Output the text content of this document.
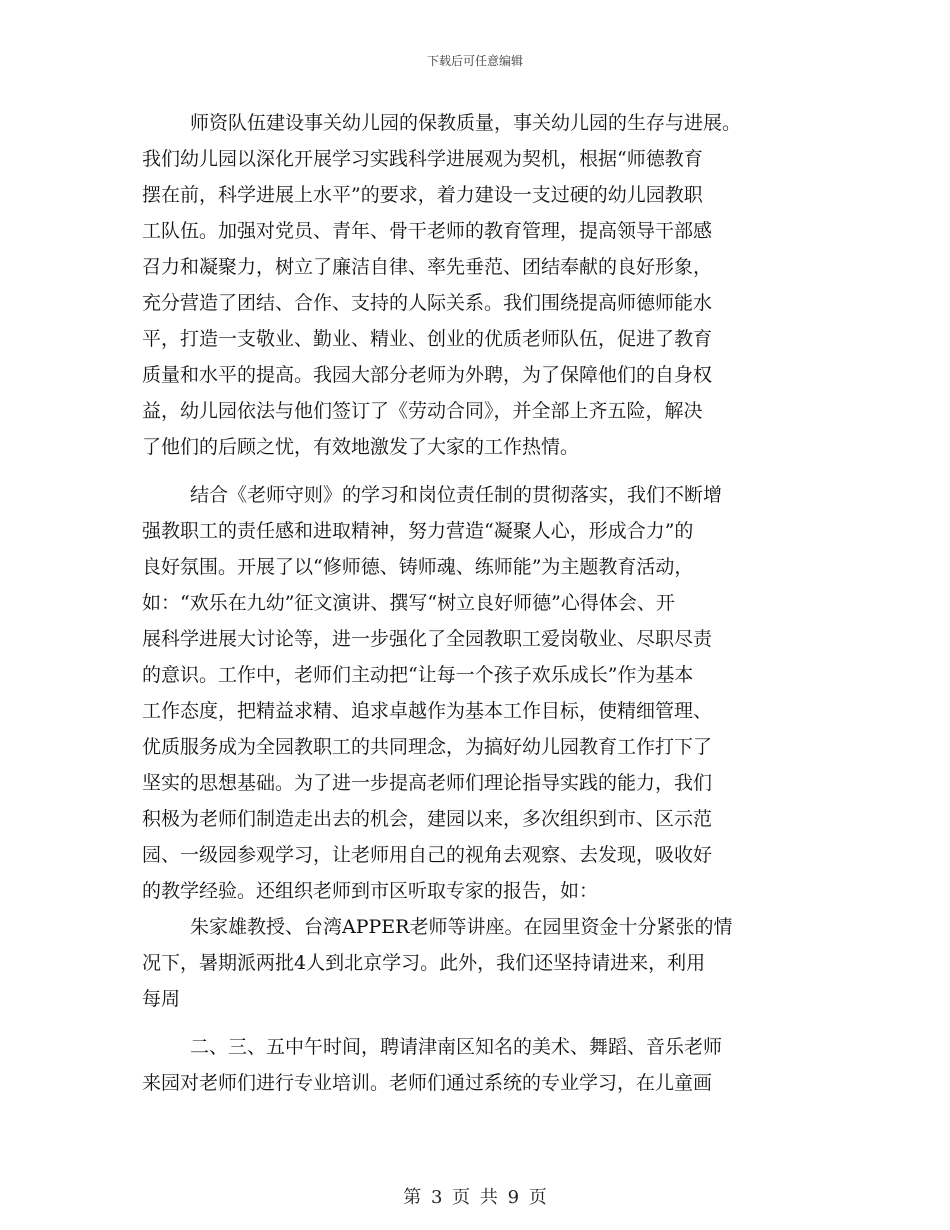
下载后可任意编辑
师资队伍建设事关幼儿园的保教质量，事关幼儿园的生存与进展。
我们幼儿园以深化开展学习实践科学进展观为契机，根据“师德教育
摆在前，科学进展上水平”的要求，着力建设一支过硬的幼儿园教职
工队伍。加强对党员、青年、骨干老师的教育管理，提高领导干部感
召力和凝聚力，树立了廉洁自律、率先垂范、团结奉献的良好形象，
充分营造了团结、合作、支持的人际关系。我们围绕提高师德师能水
平，打造一支敬业、勤业、精业、创业的优质老师队伍，促进了教育
质量和水平的提高。我园大部分老师为外聘，为了保障他们的自身权
益，幼儿园依法与他们签订了《劳动合同》，并全部上齐五险，解决
了他们的后顾之忧，有效地激发了大家的工作热情。
结合《老师守则》的学习和岗位责任制的贯彻落实，我们不断增
强教职工的责任感和进取精神，努力营造“凝聚人心，形成合力”的
良好氛围。开展了以“修师德、铸师魂、练师能”为主题教育活动，
如：“欢乐在九幼”征文演讲、撰写“树立良好师德”心得体会、开
展科学进展大讨论等，进一步强化了全园教职工爱岗敬业、尽职尽责
的意识。工作中，老师们主动把“让每一个孩子欢乐成长”作为基本
工作态度，把精益求精、追求卓越作为基本工作目标，使精细管理、
优质服务成为全园教职工的共同理念，为搞好幼儿园教育工作打下了
坚实的思想基础。为了进一步提高老师们理论指导实践的能力，我们
积极为老师们制造走出去的机会，建园以来，多次组织到市、区示范
园、一级园参观学习，让老师用自己的视角去观察、去发现，吸收好
的教学经验。还组织老师到市区听取专家的报告，如：
朱家雄教授、台湾APPER老师等讲座。在园里资金十分紧张的情
况下，暑期派两批4人到北京学习。此外，我们还坚持请进来，利用
每周
二、三、五中午时间，聘请津南区知名的美术、舞蹈、音乐老师
来园对老师们进行专业培训。老师们通过系统的专业学习，在儿童画
第 3 页 共 9 页
